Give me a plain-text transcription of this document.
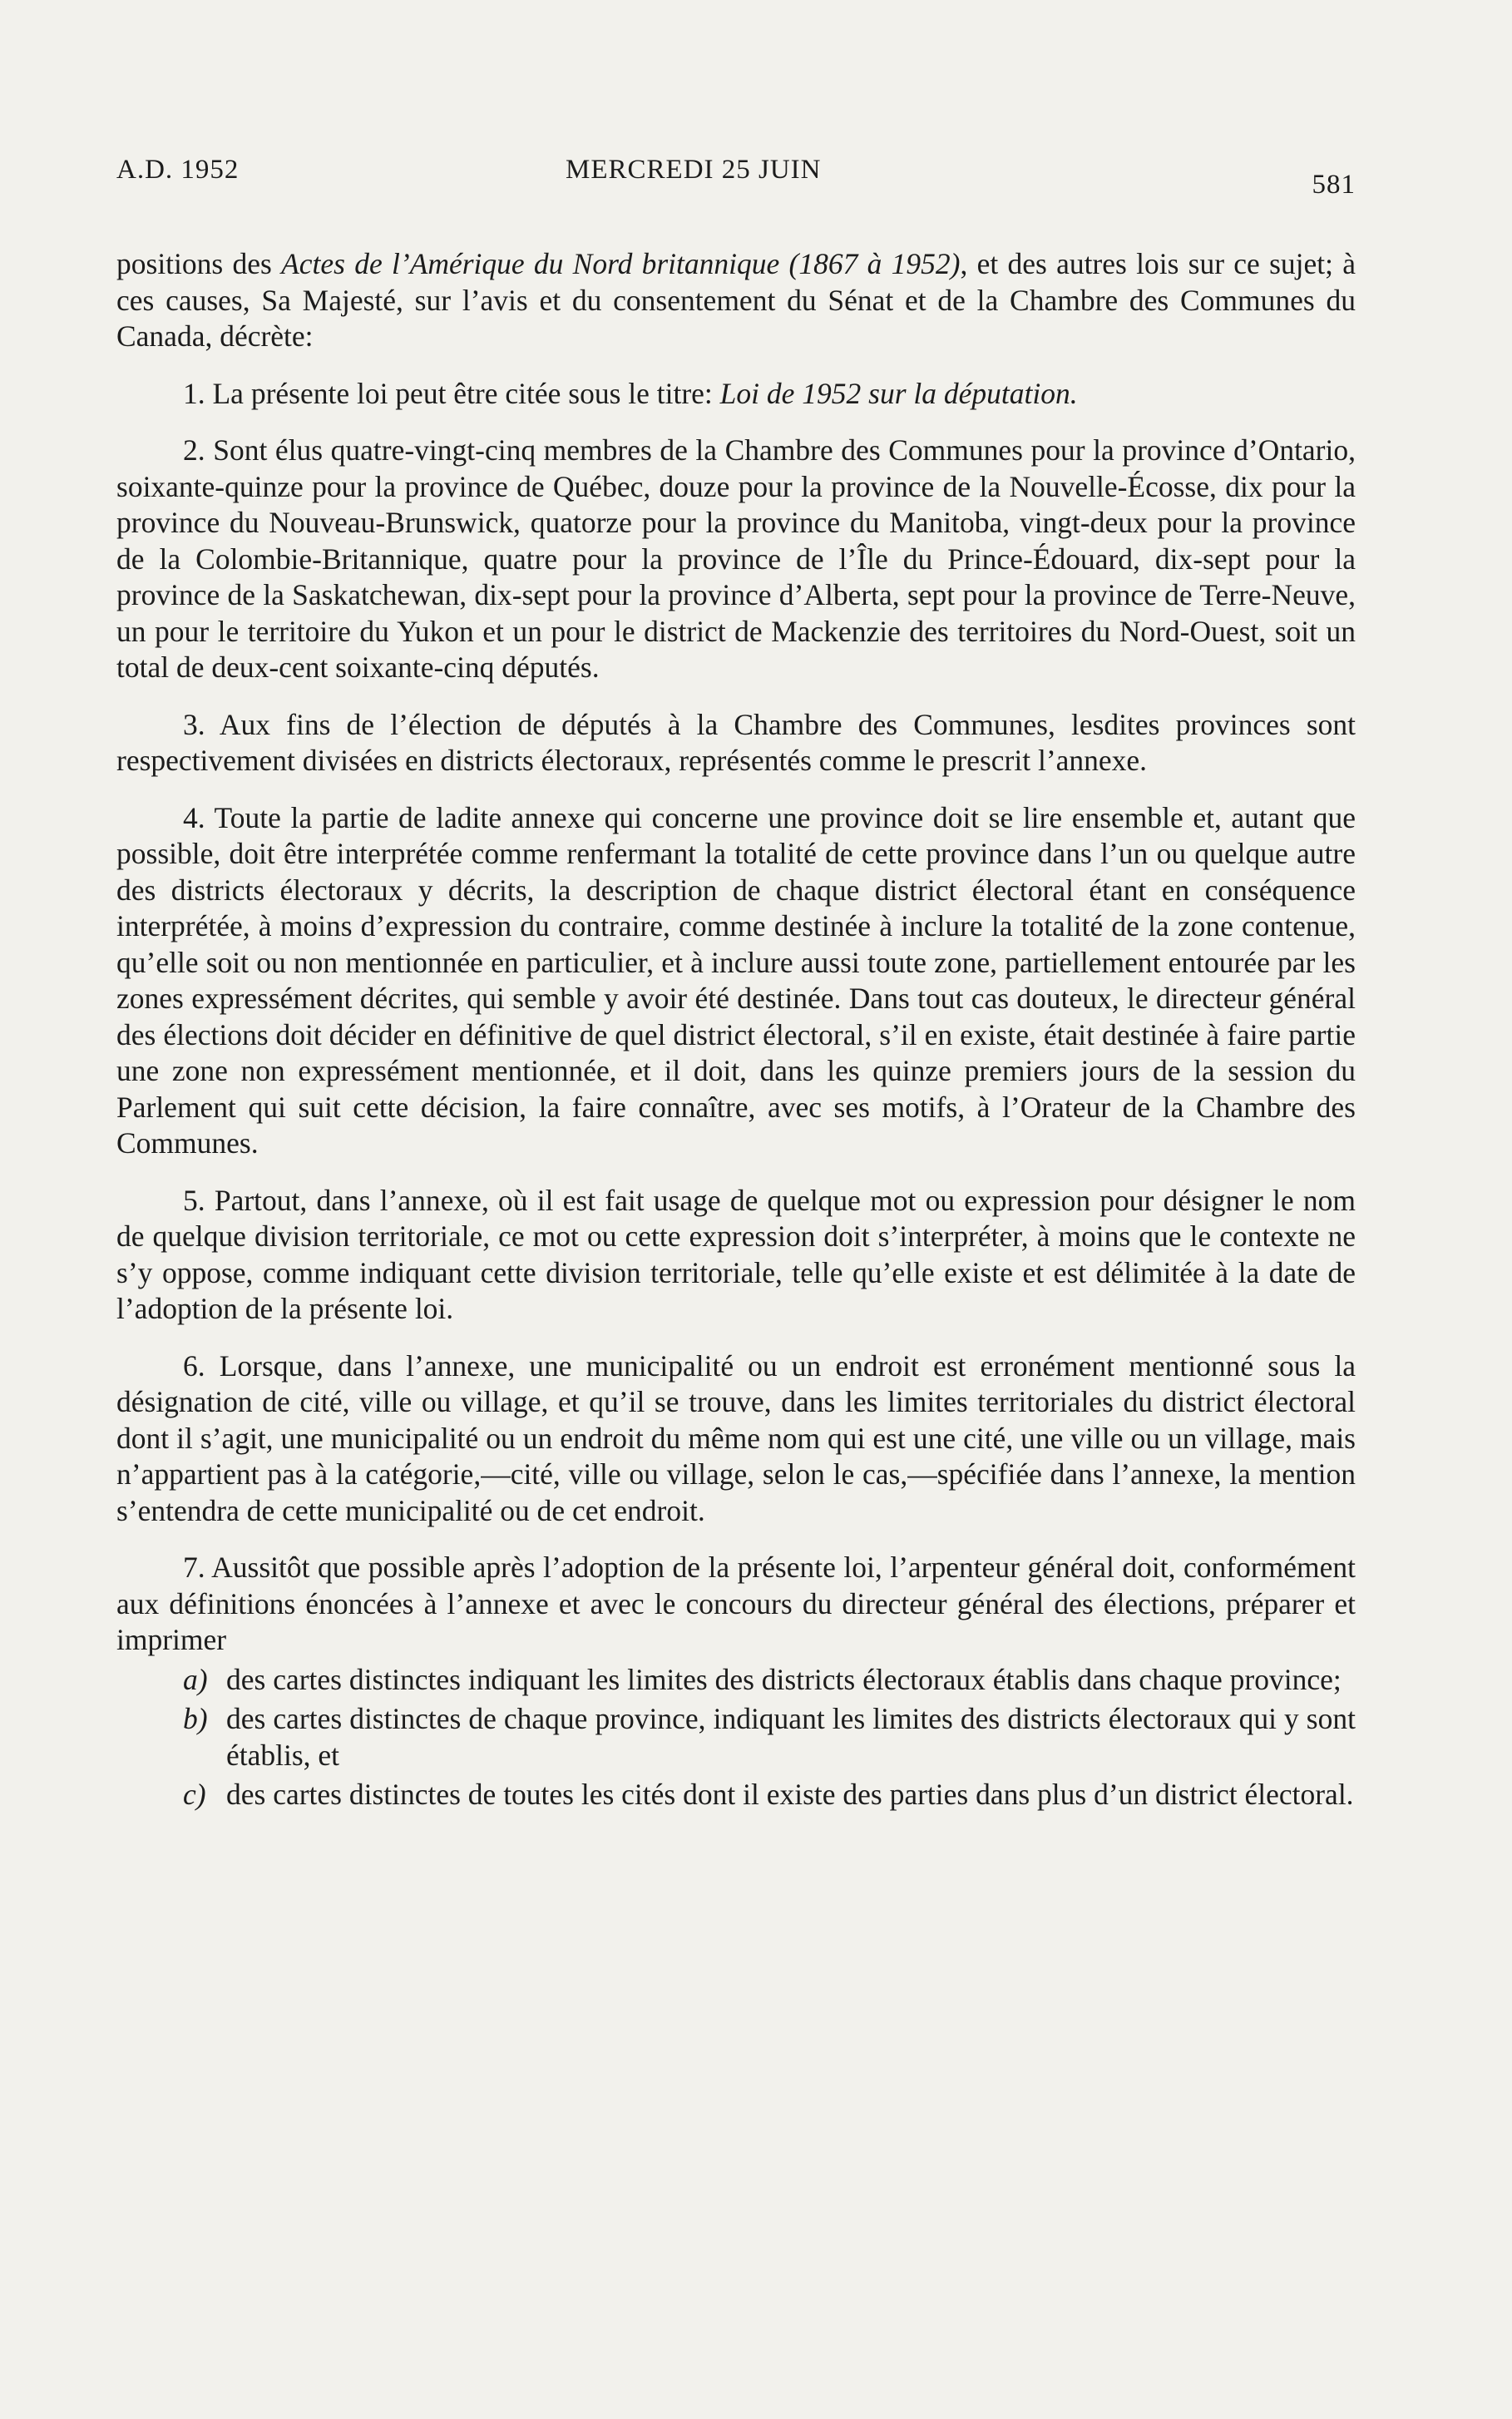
A.D. 1952	MERCREDI 25 JUIN	581

positions des Actes de l’Amérique du Nord britannique (1867 à 1952), et des autres lois sur ce sujet; à ces causes, Sa Majesté, sur l’avis et du consentement du Sénat et de la Chambre des Communes du Canada, décrète:

1. La présente loi peut être citée sous le titre: Loi de 1952 sur la députation.

2. Sont élus quatre-vingt-cinq membres de la Chambre des Communes pour la province d’Ontario, soixante-quinze pour la province de Québec, douze pour la province de la Nouvelle-Écosse, dix pour la province du Nouveau-Brunswick, quatorze pour la province du Manitoba, vingt-deux pour la province de la Colombie-Britannique, quatre pour la province de l’Île du Prince-Édouard, dix-sept pour la province de la Saskatchewan, dix-sept pour la province d’Alberta, sept pour la province de Terre-Neuve, un pour le territoire du Yukon et un pour le district de Mackenzie des territoires du Nord-Ouest, soit un total de deux-cent soixante-cinq députés.

3. Aux fins de l’élection de députés à la Chambre des Communes, lesdites provinces sont respectivement divisées en districts électoraux, représentés comme le prescrit l’annexe.

4. Toute la partie de ladite annexe qui concerne une province doit se lire ensemble et, autant que possible, doit être interprétée comme renfermant la totalité de cette province dans l’un ou quelque autre des districts électoraux y décrits, la description de chaque district électoral étant en conséquence interprétée, à moins d’expression du contraire, comme destinée à inclure la totalité de la zone contenue, qu’elle soit ou non mentionnée en particulier, et à inclure aussi toute zone, partiellement entourée par les zones expressément décrites, qui semble y avoir été destinée. Dans tout cas douteux, le directeur général des élections doit décider en définitive de quel district électoral, s’il en existe, était destinée à faire partie une zone non expressément mentionnée, et il doit, dans les quinze premiers jours de la session du Parlement qui suit cette décision, la faire connaître, avec ses motifs, à l’Orateur de la Chambre des Communes.

5. Partout, dans l’annexe, où il est fait usage de quelque mot ou expression pour désigner le nom de quelque division territoriale, ce mot ou cette expression doit s’interpréter, à moins que le contexte ne s’y oppose, comme indiquant cette division territoriale, telle qu’elle existe et est délimitée à la date de l’adoption de la présente loi.

6. Lorsque, dans l’annexe, une municipalité ou un endroit est erronément mentionné sous la désignation de cité, ville ou village, et qu’il se trouve, dans les limites territoriales du district électoral dont il s’agit, une municipalité ou un endroit du même nom qui est une cité, une ville ou un village, mais n’appartient pas à la catégorie,—cité, ville ou village, selon le cas,—spécifiée dans l’annexe, la mention s’entendra de cette municipalité ou de cet endroit.

7. Aussitôt que possible après l’adoption de la présente loi, l’arpenteur général doit, conformément aux définitions énoncées à l’annexe et avec le concours du directeur général des élections, préparer et imprimer

a) des cartes distinctes indiquant les limites des districts électoraux établis dans chaque province;
b) des cartes distinctes de chaque province, indiquant les limites des districts électoraux qui y sont établis, et
c) des cartes distinctes de toutes les cités dont il existe des parties dans plus d’un district électoral.
